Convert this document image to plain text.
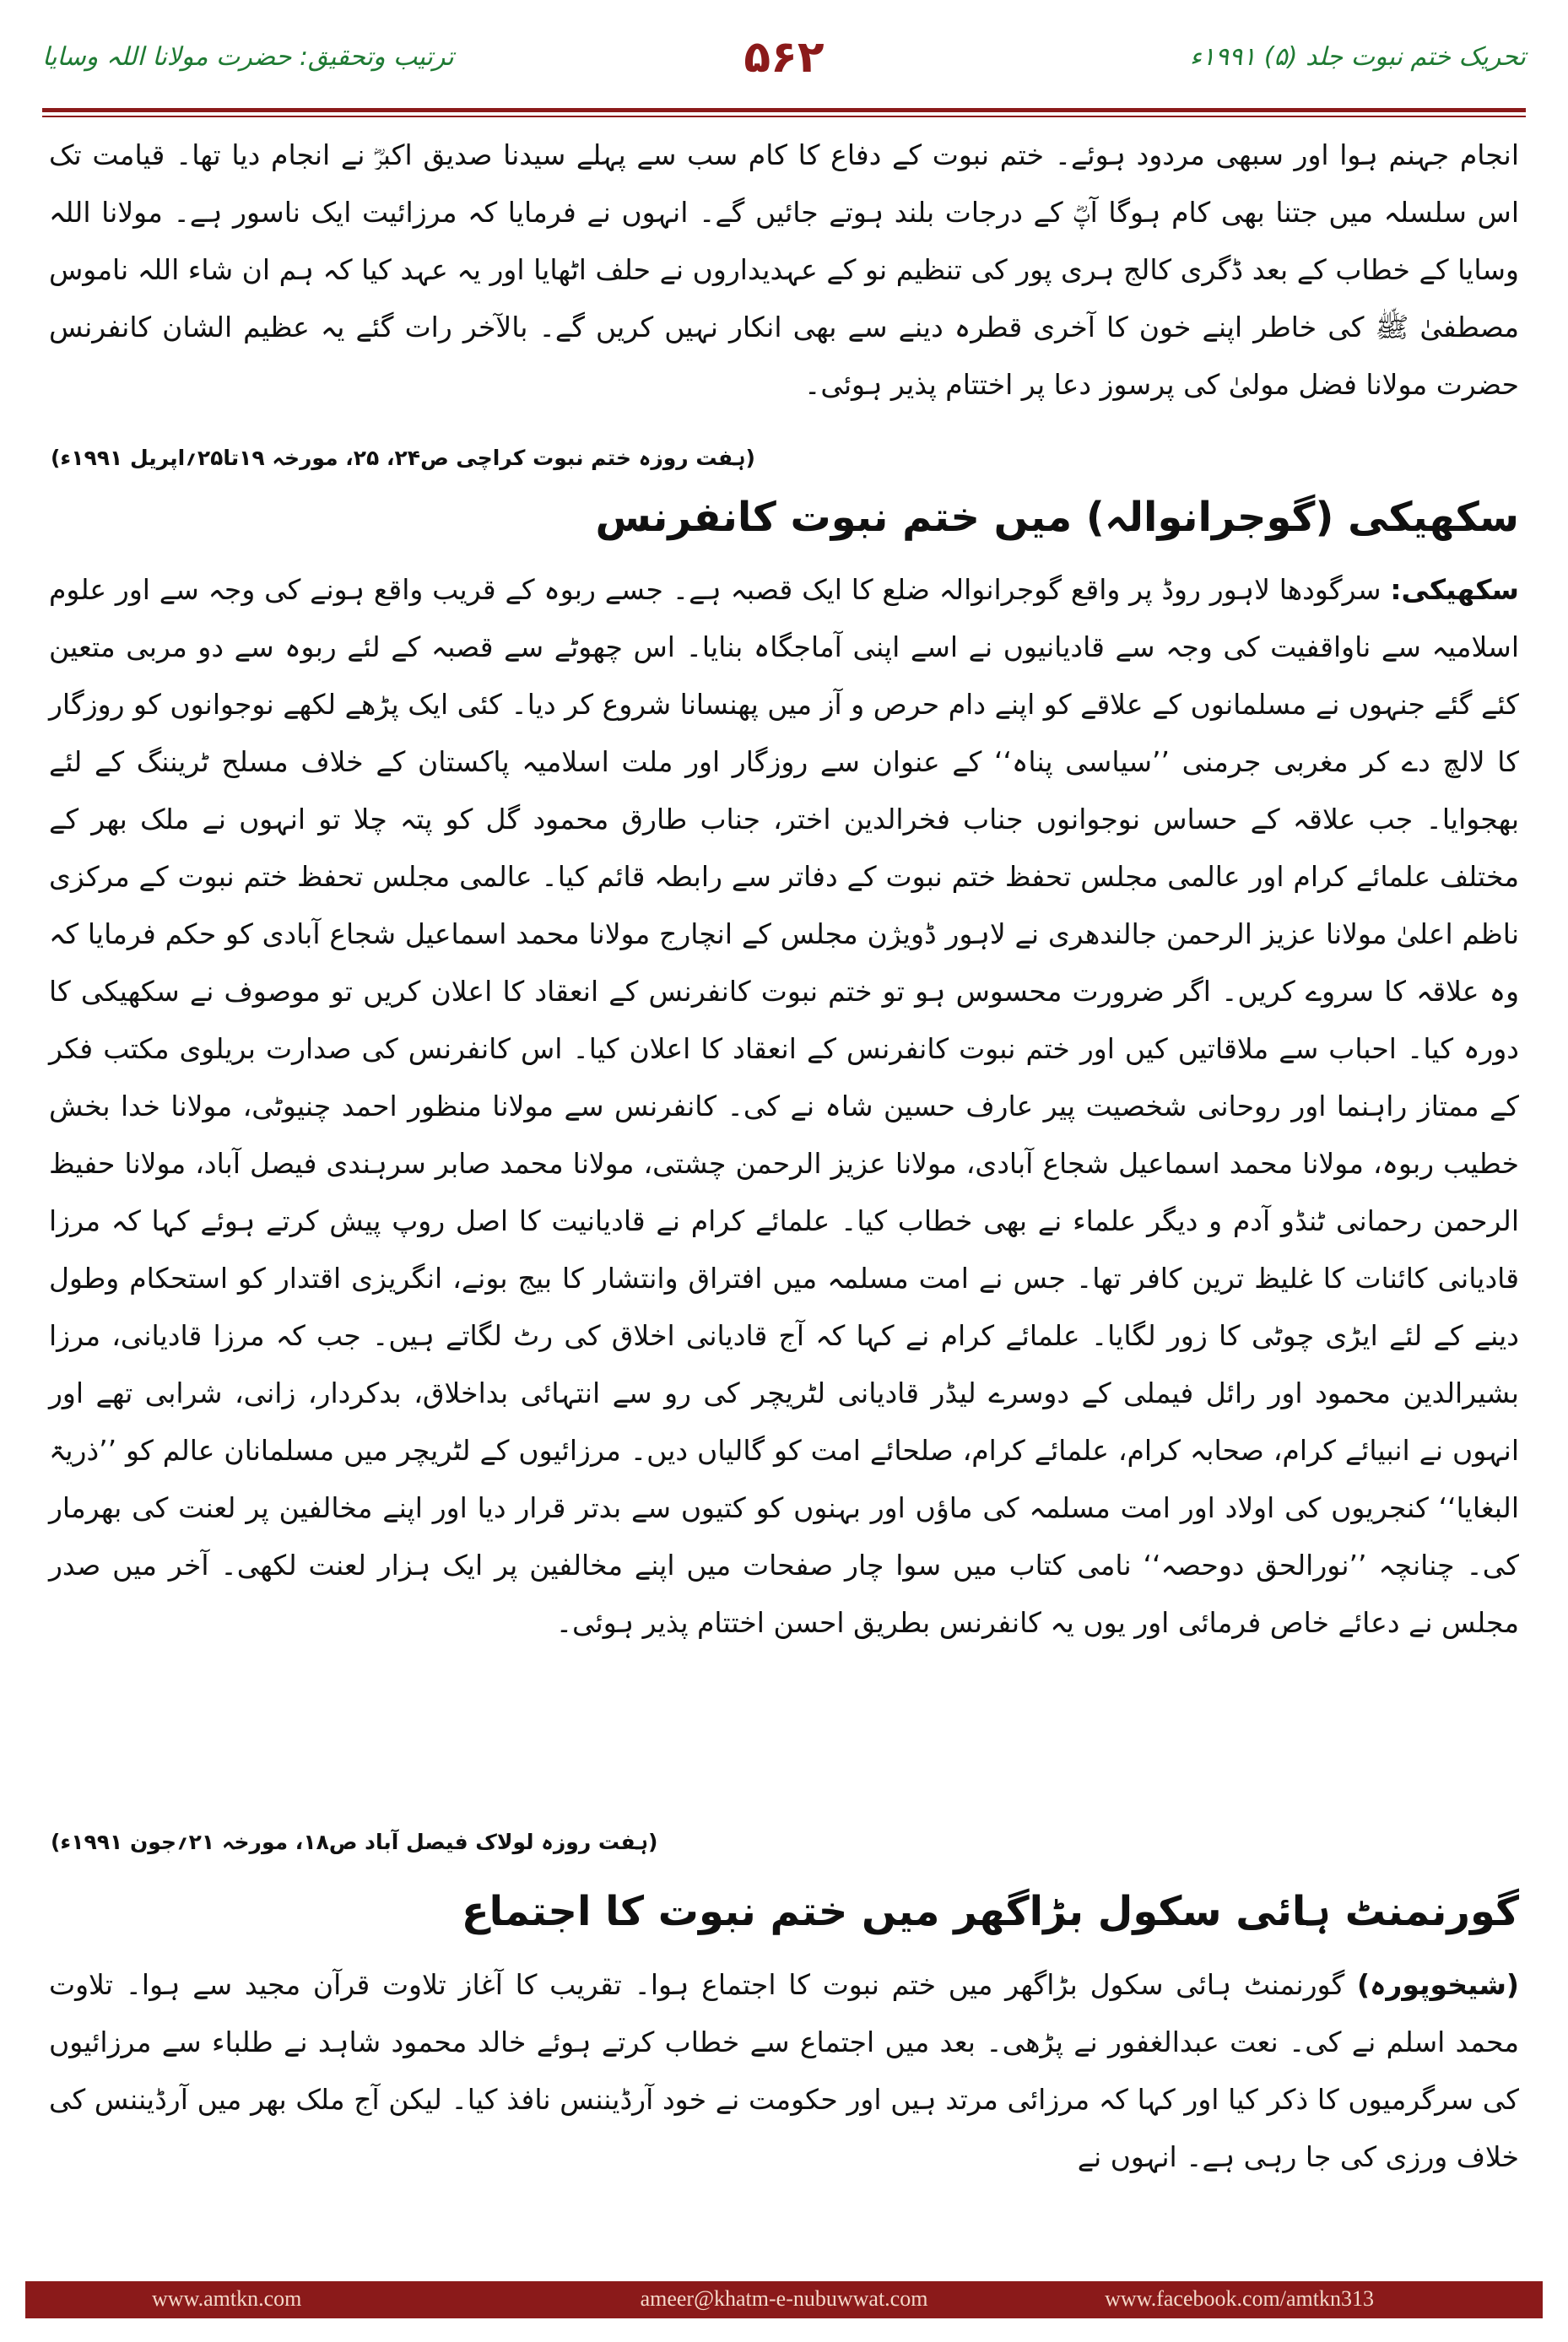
تحریک ختم نبوت جلد (۵) ۱۹۹۱ء
۵۶۲
ترتیب وتحقیق: حضرت مولانا اللہ وسایا
انجام جہنم ہوا اور سبھی مردود ہوئے۔ ختم نبوت کے دفاع کا کام سب سے پہلے سیدنا صدیق اکبرؓ نے انجام دیا تھا۔ قیامت تک اس سلسلہ میں جتنا بھی کام ہوگا آپؓ کے درجات بلند ہوتے جائیں گے۔ انہوں نے فرمایا کہ مرزائیت ایک ناسور ہے۔ مولانا اللہ وسایا کے خطاب کے بعد ڈگری کالج ہری پور کی تنظیم نو کے عہدیداروں نے حلف اٹھایا اور یہ عہد کیا کہ ہم ان شاء اللہ ناموس مصطفیٰ ﷺ کی خاطر اپنے خون کا آخری قطرہ دینے سے بھی انکار نہیں کریں گے۔ بالآخر رات گئے یہ عظیم الشان کانفرنس حضرت مولانا فضل مولیٰ کی پرسوز دعا پر اختتام پذیر ہوئی۔
(ہفت روزہ ختم نبوت کراچی ص۲۴، ۲۵، مورخہ ۱۹تا۲۵؍اپریل ۱۹۹۱ء)
سکھیکی (گوجرانوالہ) میں ختم نبوت کانفرنس
سکھیکی: سرگودھا لاہور روڈ پر واقع گوجرانوالہ ضلع کا ایک قصبہ ہے۔ جسے ربوہ کے قریب واقع ہونے کی وجہ سے اور علوم اسلامیہ سے ناواقفیت کی وجہ سے قادیانیوں نے اسے اپنی آماجگاہ بنایا۔ اس چھوٹے سے قصبہ کے لئے ربوہ سے دو مربی متعین کئے گئے جنہوں نے مسلمانوں کے علاقے کو اپنے دام حرص و آز میں پھنسانا شروع کر دیا۔ کئی ایک پڑھے لکھے نوجوانوں کو روزگار کا لالچ دے کر مغربی جرمنی ’’سیاسی پناہ‘‘ کے عنوان سے روزگار اور ملت اسلامیہ پاکستان کے خلاف مسلح ٹریننگ کے لئے بھجوایا۔ جب علاقہ کے حساس نوجوانوں جناب فخرالدین اختر، جناب طارق محمود گل کو پتہ چلا تو انہوں نے ملک بھر کے مختلف علمائے کرام اور عالمی مجلس تحفظ ختم نبوت کے دفاتر سے رابطہ قائم کیا۔ عالمی مجلس تحفظ ختم نبوت کے مرکزی ناظم اعلیٰ مولانا عزیز الرحمن جالندھری نے لاہور ڈویژن مجلس کے انچارج مولانا محمد اسماعیل شجاع آبادی کو حکم فرمایا کہ وہ علاقہ کا سروے کریں۔ اگر ضرورت محسوس ہو تو ختم نبوت کانفرنس کے انعقاد کا اعلان کریں تو موصوف نے سکھیکی کا دورہ کیا۔ احباب سے ملاقاتیں کیں اور ختم نبوت کانفرنس کے انعقاد کا اعلان کیا۔ اس کانفرنس کی صدارت بریلوی مکتب فکر کے ممتاز راہنما اور روحانی شخصیت پیر عارف حسین شاہ نے کی۔ کانفرنس سے مولانا منظور احمد چنیوٹی، مولانا خدا بخش خطیب ربوہ، مولانا محمد اسماعیل شجاع آبادی، مولانا عزیز الرحمن چشتی، مولانا محمد صابر سرہندی فیصل آباد، مولانا حفیظ الرحمن رحمانی ٹنڈو آدم و دیگر علماء نے بھی خطاب کیا۔ علمائے کرام نے قادیانیت کا اصل روپ پیش کرتے ہوئے کہا کہ مرزا قادیانی کائنات کا غلیظ ترین کافر تھا۔ جس نے امت مسلمہ میں افتراق وانتشار کا بیج بونے، انگریزی اقتدار کو استحکام وطول دینے کے لئے ایڑی چوٹی کا زور لگایا۔ علمائے کرام نے کہا کہ آج قادیانی اخلاق کی رٹ لگاتے ہیں۔ جب کہ مرزا قادیانی، مرزا بشیرالدین محمود اور رائل فیملی کے دوسرے لیڈر قادیانی لٹریچر کی رو سے انتہائی بداخلاق، بدکردار، زانی، شرابی تھے اور انہوں نے انبیائے کرام، صحابہ کرام، علمائے کرام، صلحائے امت کو گالیاں دیں۔ مرزائیوں کے لٹریچر میں مسلمانان عالم کو ’’ذریۃ البغایا‘‘ کنجریوں کی اولاد اور امت مسلمہ کی ماؤں اور بہنوں کو کتیوں سے بدتر قرار دیا اور اپنے مخالفین پر لعنت کی بھرمار کی۔ چنانچہ ’’نورالحق دوحصہ‘‘ نامی کتاب میں سوا چار صفحات میں اپنے مخالفین پر ایک ہزار لعنت لکھی۔ آخر میں صدر مجلس نے دعائے خاص فرمائی اور یوں یہ کانفرنس بطریق احسن اختتام پذیر ہوئی۔
(ہفت روزہ لولاک فیصل آباد ص۱۸، مورخہ ۲۱؍جون ۱۹۹۱ء)
گورنمنٹ ہائی سکول بڑاگھر میں ختم نبوت کا اجتماع
(شیخوپورہ) گورنمنٹ ہائی سکول بڑاگھر میں ختم نبوت کا اجتماع ہوا۔ تقریب کا آغاز تلاوت قرآن مجید سے ہوا۔ تلاوت محمد اسلم نے کی۔ نعت عبدالغفور نے پڑھی۔ بعد میں اجتماع سے خطاب کرتے ہوئے خالد محمود شاہد نے طلباء سے مرزائیوں کی سرگرمیوں کا ذکر کیا اور کہا کہ مرزائی مرتد ہیں اور حکومت نے خود آرڈیننس نافذ کیا۔ لیکن آج ملک بھر میں آرڈیننس کی خلاف ورزی کی جا رہی ہے۔ انہوں نے
www.amtkn.com	ameer@khatm-e-nubuwwat.com	www.facebook.com/amtkn313
